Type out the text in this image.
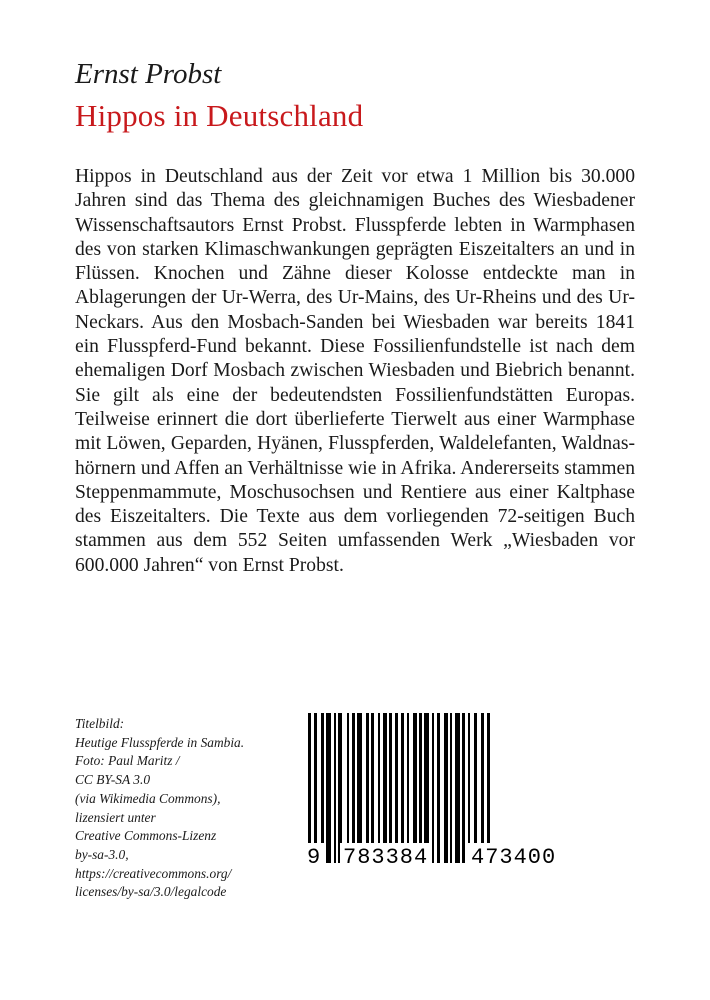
Ernst Probst
Hippos in Deutschland

Hippos in Deutschland aus der Zeit vor etwa 1 Million bis 30.000 Jahren sind das Thema des gleichnamigen Buches des Wiesbadener Wissenschaftsautors Ernst Probst. Flusspferde lebten in Warmphasen des von starken Klimaschwankungen geprägten Eiszeitalters an und in Flüssen. Knochen und Zähne dieser Kolosse entdeckte man in Ablagerungen der Ur-Werra, des Ur-Mains, des Ur-Rheins und des Ur-Neckars. Aus den Mosbach-Sanden bei Wiesbaden war bereits 1841 ein Flusspferd-Fund bekannt. Diese Fossilienfundstelle ist nach dem ehemaligen Dorf Mosbach zwischen Wiesbaden und Biebrich benannt. Sie gilt als eine der bedeutendsten Fossilienfundstätten Europas. Teilweise erinnert die dort überlieferte Tierwelt aus einer Warmphase mit Löwen, Geparden, Hyänen, Flusspferden, Waldelefanten, Waldnashörnern und Affen an Verhältnisse wie in Afrika. Andererseits stammen Steppenmammute, Moschusochsen und Rentiere aus einer Kaltphase des Eiszeitalters. Die Texte aus dem vorliegenden 72-seitigen Buch stammen aus dem 552 Seiten umfassenden Werk „Wiesbaden vor 600.000 Jahren“ von Ernst Probst.

Titelbild:
Heutige Flusspferde in Sambia.
Foto: Paul Maritz /
CC BY-SA 3.0
(via Wikimedia Commons),
lizensiert unter
Creative Commons-Lizenz
by-sa-3.0,
https://creativecommons.org/
licenses/by-sa/3.0/legalcode
9 783384 473400
